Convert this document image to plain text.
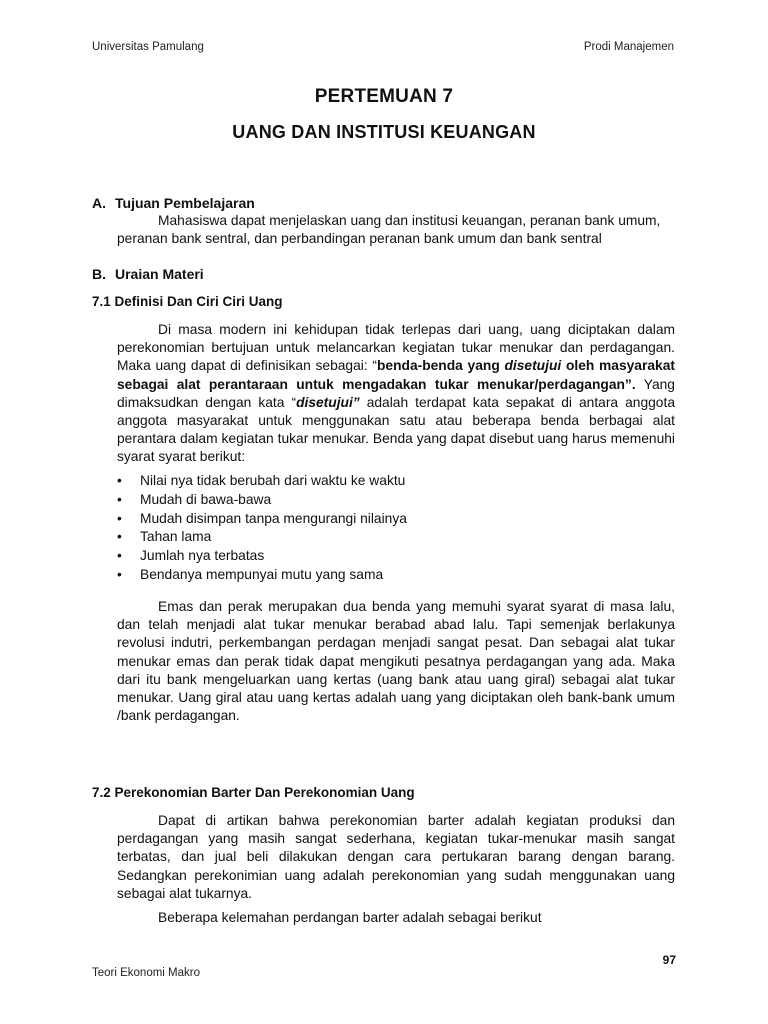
Universitas Pamulang	Prodi Manajemen
PERTEMUAN 7
UANG DAN INSTITUSI KEUANGAN
A. Tujuan Pembelajaran
Mahasiswa dapat menjelaskan uang dan institusi keuangan, peranan bank umum, peranan bank sentral, dan perbandingan peranan bank umum dan bank sentral
B. Uraian Materi
7.1 Definisi Dan Ciri Ciri Uang
Di masa modern ini kehidupan tidak terlepas dari uang, uang diciptakan dalam perekonomian bertujuan untuk melancarkan kegiatan tukar menukar dan perdagangan. Maka uang dapat di definisikan sebagai: “benda-benda yang disetujui oleh masyarakat sebagai alat perantaraan untuk mengadakan tukar menukar/perdagangan”. Yang dimaksudkan dengan kata “disetujui” adalah terdapat kata sepakat di antara anggota anggota masyarakat untuk menggunakan satu atau beberapa benda berbagai alat perantara dalam kegiatan tukar menukar. Benda yang dapat disebut uang harus memenuhi syarat syarat berikut:
• Nilai nya tidak berubah dari waktu ke waktu
• Mudah di bawa-bawa
• Mudah disimpan tanpa mengurangi nilainya
• Tahan lama
• Jumlah nya terbatas
• Bendanya mempunyai mutu yang sama
Emas dan perak merupakan dua benda yang memuhi syarat syarat di masa lalu, dan telah menjadi alat tukar menukar berabad abad lalu. Tapi semenjak berlakunya revolusi indutri, perkembangan perdagan menjadi sangat pesat. Dan sebagai alat tukar menukar emas dan perak tidak dapat mengikuti pesatnya perdagangan yang ada. Maka dari itu bank mengeluarkan uang kertas (uang bank atau uang giral) sebagai alat tukar menukar. Uang giral atau uang kertas adalah uang yang diciptakan oleh bank-bank umum /bank perdagangan.
7.2 Perekonomian Barter Dan Perekonomian Uang
Dapat di artikan bahwa perekonomian barter adalah kegiatan produksi dan perdagangan yang masih sangat sederhana, kegiatan tukar-menukar masih sangat terbatas, dan jual beli dilakukan dengan cara pertukaran barang dengan barang. Sedangkan perekonimian uang adalah perekonomian yang sudah menggunakan uang sebagai alat tukarnya.
Beberapa kelemahan perdangan barter adalah sebagai berikut
97
Teori Ekonomi Makro
